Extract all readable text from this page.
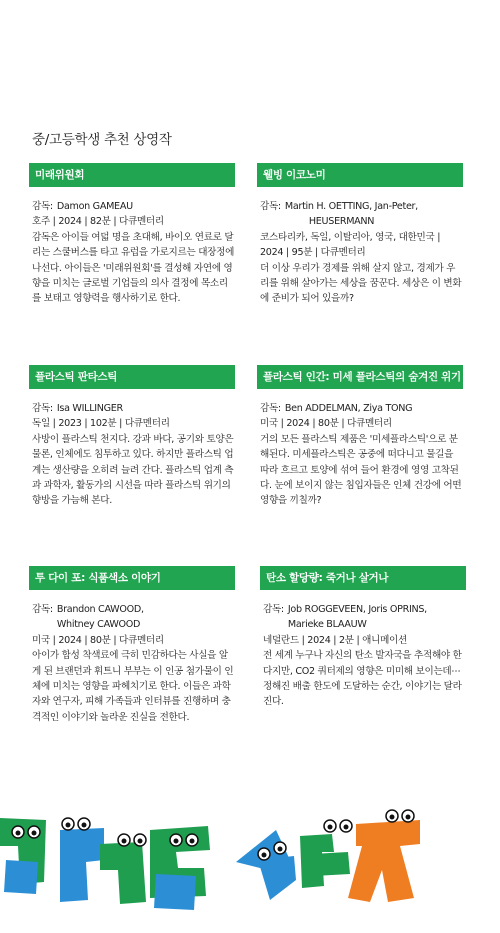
중/고등학생 추천 상영작
미래위원회
감독: Damon GAMEAU
호주 | 2024 | 82분 | 다큐멘터리

감독은 아이들 여덟 명을 초대해, 바이오 연료로 달리는 스쿨버스를 타고 유럽을 가로지르는 대장정에 나선다. 아이들은 '미래위원회'를 결성해 자연에 영향을 미치는 글로벌 기업들의 의사 결정에 목소리를 보태고 영향력을 행사하기로 한다.

웰빙 이코노미
감독: Martin H. OETTING, Jan-Peter,
HEUSERMANN
코스타리카, 독일, 이탈리아, 영국, 대한민국 | 2024 | 95분 | 다큐멘터리

더 이상 우리가 경제를 위해 살지 않고, 경제가 우리를 위해 살아가는 세상을 꿈꾼다. 세상은 이 변화에 준비가 되어 있을까?

플라스틱 판타스틱
감독: Isa WILLINGER
독일 | 2023 | 102분 | 다큐멘터리

사방이 플라스틱 천지다. 강과 바다, 공기와 토양은 물론, 인체에도 침투하고 있다. 하지만 플라스틱 업계는 생산량을 오히려 늘려 간다. 플라스틱 업계 측과 과학자, 활동가의 시선을 따라 플라스틱 위기의 향방을 가늠해 본다.

플라스틱 인간: 미세 플라스틱의 숨겨진 위기
감독: Ben ADDELMAN, Ziya TONG
미국 | 2024 | 80분 | 다큐멘터리

거의 모든 플라스틱 제품은 '미세플라스틱'으로 분해된다. 미세플라스틱은 공중에 떠다니고 물길을 따라 흐르고 토양에 섞여 들어 환경에 영영 고착된다. 눈에 보이지 않는 침입자들은 인체 건강에 어떤 영향을 끼칠까?

투 다이 포: 식품색소 이야기
감독: Brandon CAWOOD,
Whitney CAWOOD
미국 | 2024 | 80분 | 다큐멘터리

아이가 합성 착색료에 극히 민감하다는 사실을 알게 된 브랜던과 휘트니 부부는 이 인공 첨가물이 인체에 미치는 영향을 파헤치기로 한다. 이들은 과학자와 연구자, 피해 가족들과 인터뷰를 진행하며 충격적인 이야기와 놀라운 진실을 전한다.

탄소 할당량: 죽거나 살거나
감독: Job ROGGEVEEN, Joris OPRINS,
Marieke BLAAUW
네덜란드 | 2024 | 2분 | 애니메이션

전 세계 누구나 자신의 탄소 발자국을 추적해야 한다지만, CO2 쿼터제의 영향은 미미해 보이는데⋯ 정해진 배출 한도에 도달하는 순간, 이야기는 달라진다.
